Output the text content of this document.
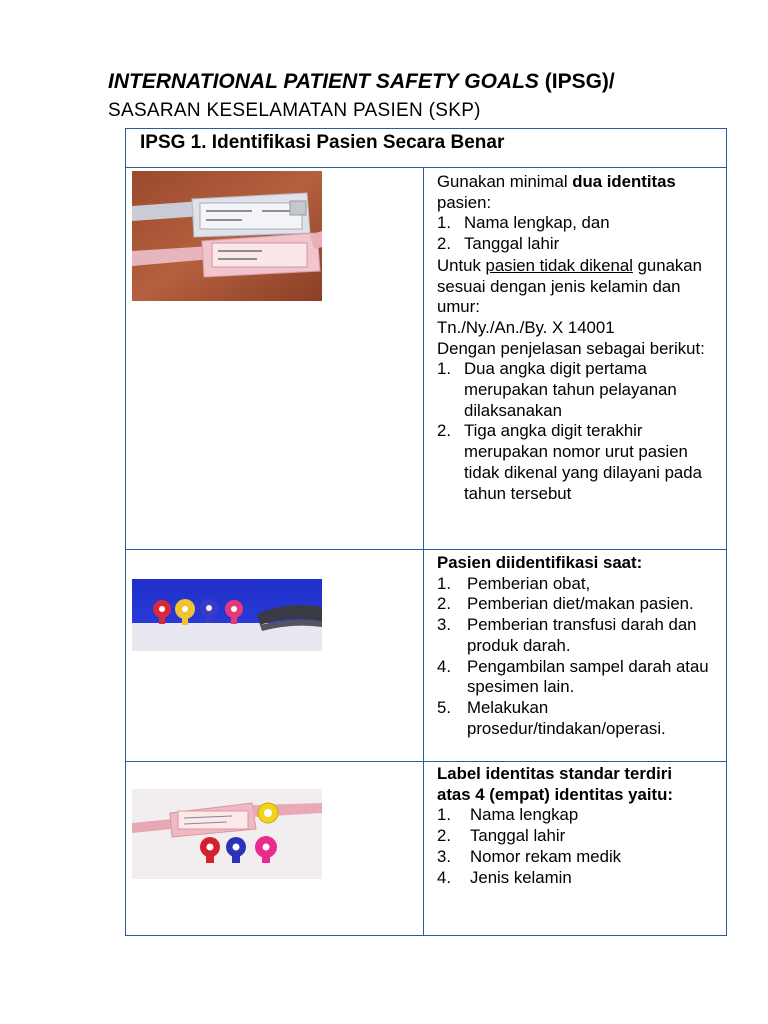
INTERNATIONAL PATIENT SAFETY GOALS (IPSG)/
SASARAN KESELAMATAN PASIEN (SKP)
IPSG 1. Identifikasi Pasien Secara Benar

Gunakan minimal dua identitas pasien:

1. Nama lengkap, dan
2. Tanggal lahir

Untuk pasien tidak dikenal gunakan sesuai dengan jenis kelamin dan umur:

Tn./Ny./An./By. X 14001

Dengan penjelasan sebagai berikut:

1. Dua angka digit pertama merupakan tahun pelayanan dilaksanakan
2. Tiga angka digit terakhir merupakan nomor urut pasien tidak dikenal yang dilayani pada tahun tersebut

Pasien diidentifikasi saat:

1. Pemberian obat,
2. Pemberian diet/makan pasien.
3. Pemberian transfusi darah dan produk darah.
4. Pengambilan sampel darah atau spesimen lain.
5. Melakukan prosedur/tindakan/operasi.

Label identitas standar terdiri atas 4 (empat) identitas yaitu:

1. Nama lengkap
2. Tanggal lahir
3. Nomor rekam medik
4. Jenis kelamin
